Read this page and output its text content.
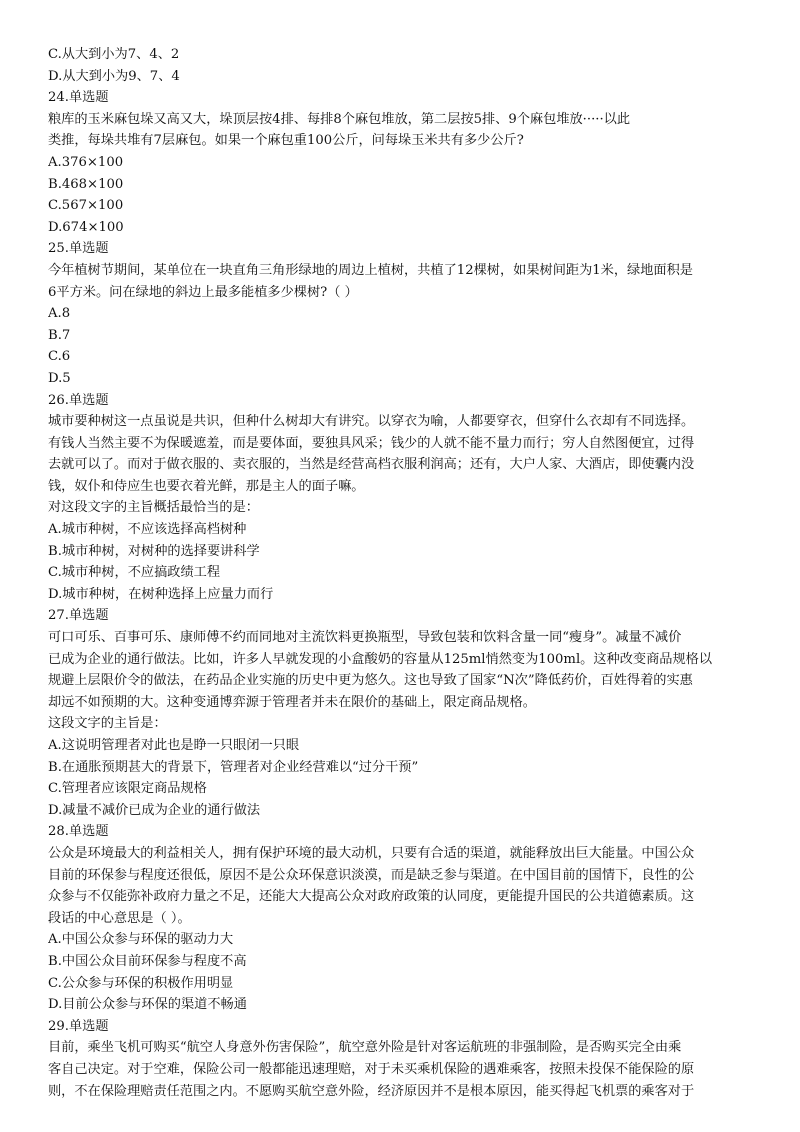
C.从大到小为7、4、2
D.从大到小为9、7、4
24.单选题
粮库的玉米麻包垛又高又大，垛顶层按4排、每排8个麻包堆放，第二层按5排、9个麻包堆放·····以此
类推，每垛共堆有7层麻包。如果一个麻包重100公斤，问每垛玉米共有多少公斤?
A.376×100
B.468×100
C.567×100
D.674×100
25.单选题
今年植树节期间，某单位在一块直角三角形绿地的周边上植树，共植了12棵树，如果树间距为1米，绿地面积是
6平方米。问在绿地的斜边上最多能植多少棵树?（ ）
A.8
B.7
C.6
D.5
26.单选题
城市要种树这一点虽说是共识，但种什么树却大有讲究。以穿衣为喻，人都要穿衣，但穿什么衣却有不同选择。
有钱人当然主要不为保暖遮羞，而是要体面，要独具风采；钱少的人就不能不量力而行；穷人自然图便宜，过得
去就可以了。而对于做衣服的、卖衣服的，当然是经营高档衣服利润高；还有，大户人家、大酒店，即使囊内没
钱，奴仆和侍应生也要衣着光鲜，那是主人的面子嘛。
对这段文字的主旨概括最恰当的是：
A.城市种树，不应该选择高档树种
B.城市种树，对树种的选择要讲科学
C.城市种树，不应搞政绩工程
D.城市种树，在树种选择上应量力而行
27.单选题
可口可乐、百事可乐、康师傅不约而同地对主流饮料更换瓶型，导致包装和饮料含量一同“瘦身”。减量不减价
已成为企业的通行做法。比如，许多人早就发现的小盒酸奶的容量从125ml悄然变为100ml。这种改变商品规格以
规避上层限价令的做法，在药品企业实施的历史中更为悠久。这也导致了国家“N次”降低药价，百姓得着的实惠
却远不如预期的大。这种变通博弈源于管理者并未在限价的基础上，限定商品规格。
这段文字的主旨是：
A.这说明管理者对此也是睁一只眼闭一只眼
B.在通胀预期甚大的背景下，管理者对企业经营难以“过分干预”
C.管理者应该限定商品规格
D.减量不减价已成为企业的通行做法
28.单选题
公众是环境最大的利益相关人，拥有保护环境的最大动机，只要有合适的渠道，就能释放出巨大能量。中国公众
目前的环保参与程度还很低，原因不是公众环保意识淡漠，而是缺乏参与渠道。在中国目前的国情下，良性的公
众参与不仅能弥补政府力量之不足，还能大大提高公众对政府政策的认同度，更能提升国民的公共道德素质。这
段话的中心意思是（ ）。
A.中国公众参与环保的驱动力大
B.中国公众目前环保参与程度不高
C.公众参与环保的积极作用明显
D.目前公众参与环保的渠道不畅通
29.单选题
目前，乘坐飞机可购买“航空人身意外伤害保险”，航空意外险是针对客运航班的非强制险，是否购买完全由乘
客自己决定。对于空难，保险公司一般都能迅速理赔，对于未买乘机保险的遇难乘客，按照未投保不能保险的原
则，不在保险理赔责任范围之内。不愿购买航空意外险，经济原因并不是根本原因，能买得起飞机票的乘客对于
